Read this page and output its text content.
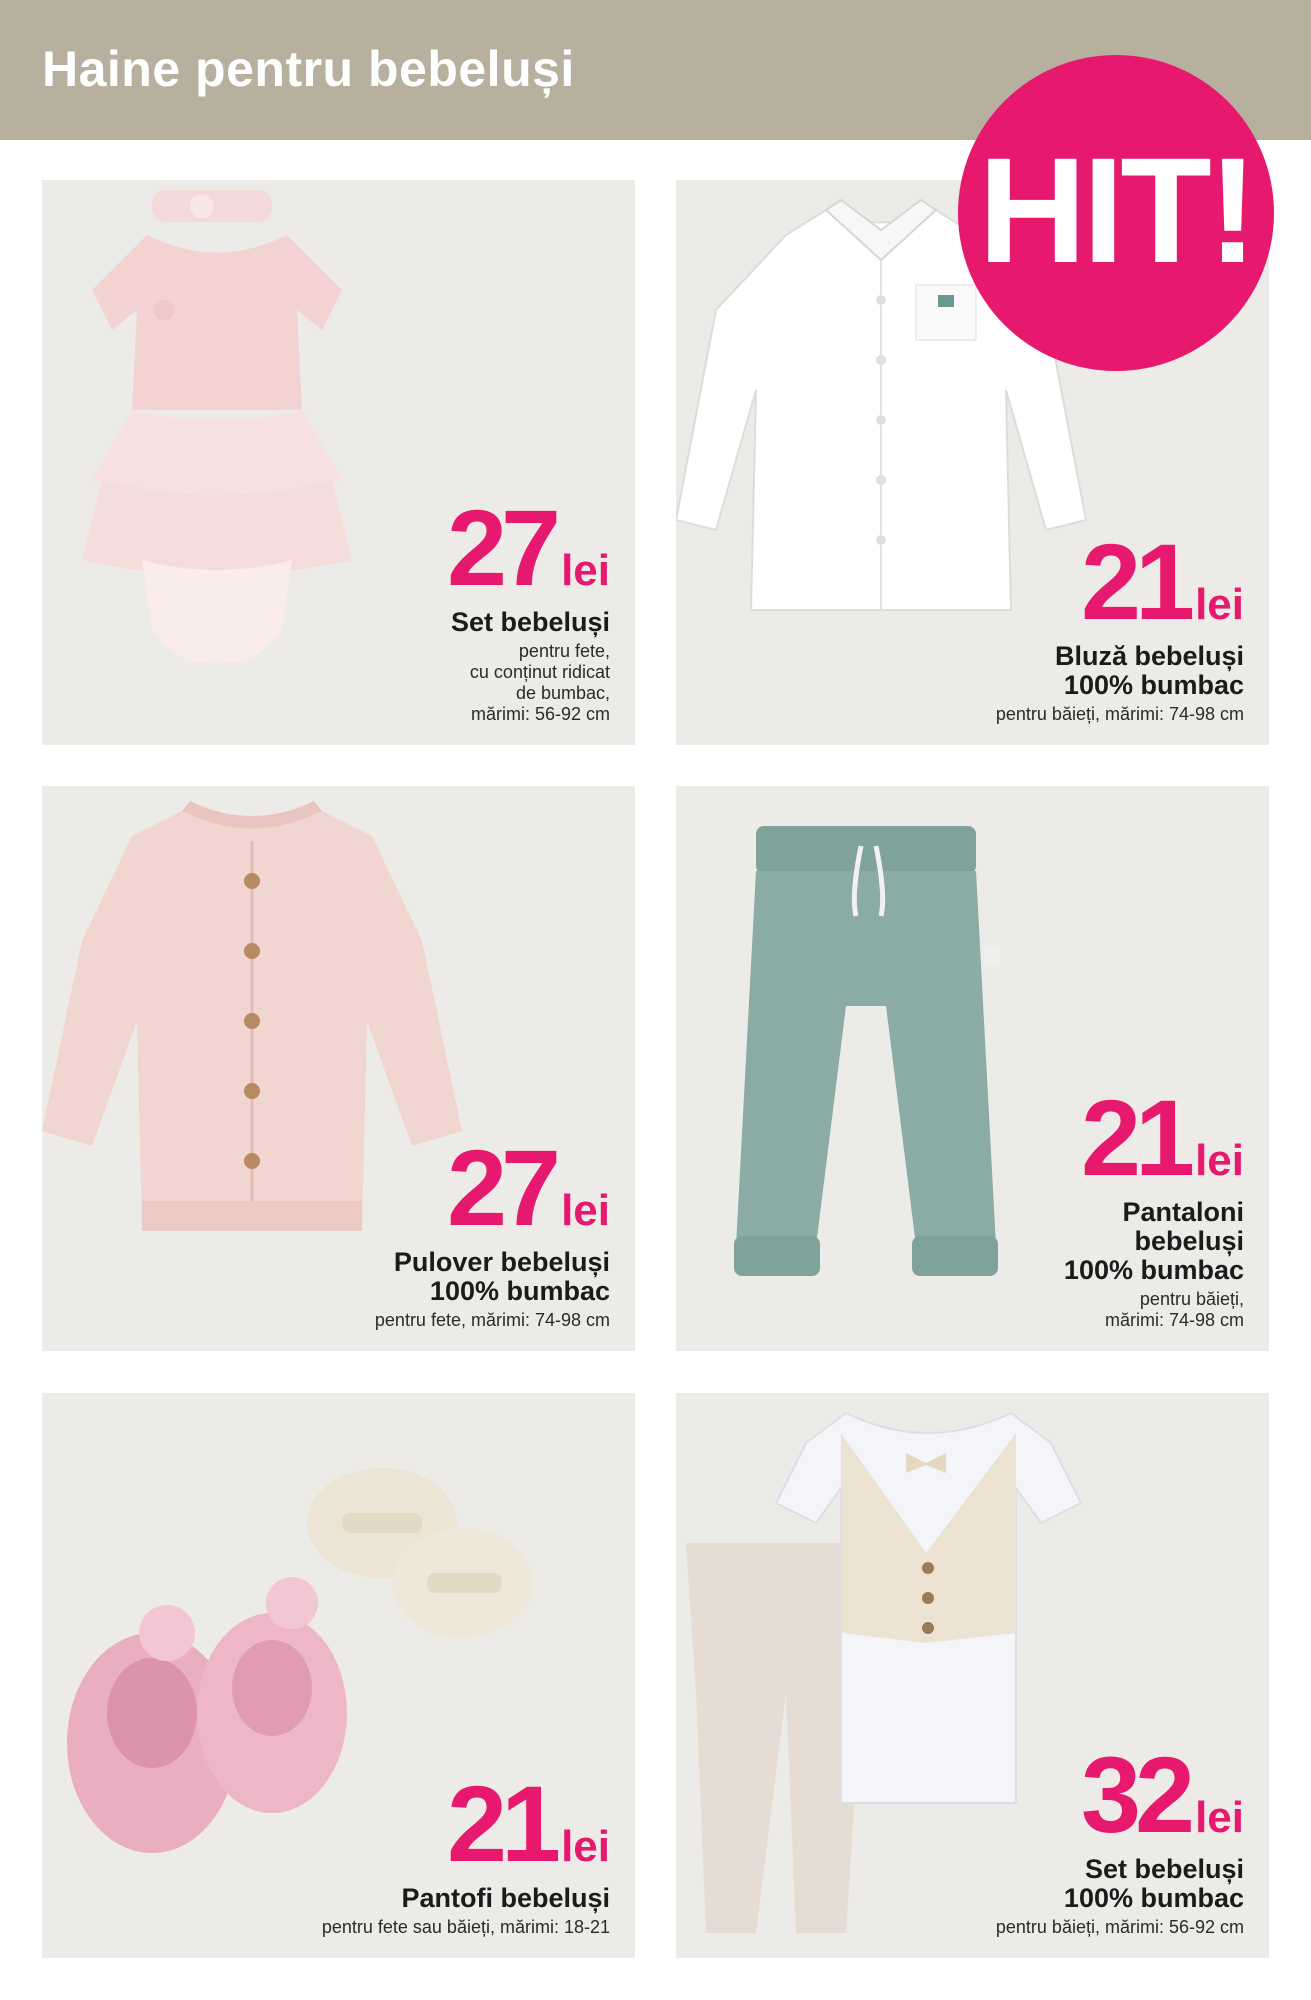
Haine pentru bebeluși
HIT!
27 lei
Set bebeluși
pentru fete,
cu conținut ridicat
de bumbac,
mărimi: 56-92 cm
21 lei
Bluză bebeluși
100% bumbac
pentru băieți, mărimi: 74-98 cm
27 lei
Pulover bebeluși
100% bumbac
pentru fete, mărimi: 74-98 cm
21 lei
Pantaloni
bebeluși
100% bumbac
pentru băieți,
mărimi: 74-98 cm
21 lei
Pantofi bebeluși
pentru fete sau băieți, mărimi: 18-21
32 lei
Set bebeluși
100% bumbac
pentru băieți, mărimi: 56-92 cm
